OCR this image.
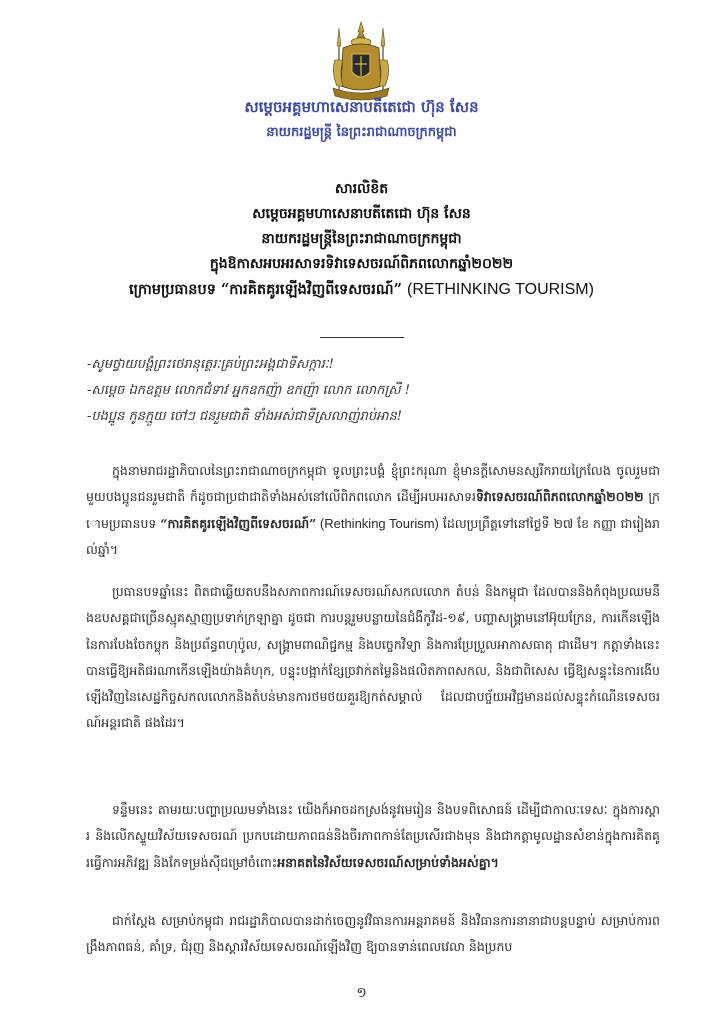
សម្ដេចអគ្គមហាសេនាបតីតេជោ ហ៊ុន សែន
នាយករដ្ឋមន្ត្រី នៃព្រះរាជាណាចក្រកម្ពុជា
សារលិខិត
សម្ដេចអគ្គមហាសេនាបតីតេជោ ហ៊ុន សែន
នាយករដ្ឋមន្ត្រីនៃព្រះរាជាណាចក្រកម្ពុជា
ក្នុងឱកាសអបអរសាទរទិវាទេសចរណ៍ពិភពលោកឆ្នាំ២០២២
ក្រោមប្រធានបទ “ការគិតគូរឡើងវិញពីទេសចរណ៍” (RETHINKING TOURISM)
-សូមថ្វាយបង្គំព្រះថេរានុត្ថេរៈគ្រប់ព្រះអង្គជាទីសក្ការៈ!
-សម្ដេច ឯកឧត្ដម លោកជំទាវ អ្នកឧកញ៉ា ឧកញ៉ា លោក លោកស្រី !
-បងប្អូន កូនក្មួយ ចៅៗ ជនរួមជាតិ ទាំងអស់ជាទីស្រលាញ់រាប់អាន!

ក្នុងនាមរាជរដ្ឋាភិបាលនៃព្រះរាជាណាចក្រកម្ពុជា ទូលព្រះបង្គំ ខ្ញុំព្រះករុណា ខ្ញុំមានក្ដីសោមនស្សរីករាយក្រៃលែង ចូលរួមជាមួយបងប្អូនជនរួមជាតិ ក៏ដូចជាប្រជាជាតិទាំងអស់នៅលើពិភពលោក ដើម្បីអបអរសាទរទិវាទេសចរណ៍ពិភពលោកឆ្នាំ២០២២ ក្រោមប្រធានបទ “ការគិតគូរឡើងវិញពីទេសចរណ៍” (Rethinking Tourism) ដែលប្រព្រឹត្តទៅនៅថ្ងៃទី ២៧ ខែ កញ្ញា ជារៀងរាល់ឆ្នាំ។

ប្រធានបទឆ្នាំនេះ ពិតជាឆ្លើយតបនឹងសភាពការណ៍ទេសចរណ៍សកលលោក តំបន់ និងកម្ពុជា ដែលបាននិងកំពុងប្រឈមនឹងឧបសគ្គជាច្រើនស្មុគស្មាញប្រទាក់ក្រឡាគ្នា ដូចជា ការបន្តរួមបន្លាយនៃជំងឺកូវីដ-១៩, បញ្ហាសង្គ្រាមនៅអ៊ុយក្រែន, ការកើនឡើងនៃការបែងចែកប្លុក និងប្រព័ន្ធពហុប៉ូល, សង្គ្រាមពាណិជ្ជកម្ម និងបច្ចេកវិទ្យា និងការប្រែប្រួលអាកាសធាតុ ជាដើម។ កត្តាទាំងនេះ បានធ្វើឱ្យអតិផរណាកើនឡើងយ៉ាងគំហុក, បន្ទុះបង្អាក់ខ្សែច្រវាក់តម្លៃនិងផលិតភាពសកល, និងជាពិសេស ធ្វើឱ្យសន្ទុះនៃការងើបឡើងវិញនៃសេដ្ឋកិច្ចសកលលោកនិងតំបន់មានការថមថយគួរឱ្យកត់សម្គាល់ ដែលជាបច្ច័យអវិជ្ជមានដល់សន្ទុះកំណើនទេសចរណ៍អន្តរជាតិ ផងដែរ។

ទន្ទឹមនេះ តាមរយៈបញ្ហាប្រឈមទាំងនេះ យើងក៏អាចដកស្រង់នូវមេរៀន និងបទពិសោធន៍ ដើម្បីជាកាលៈទេសៈ ក្នុងការស្តារ និងលើកស្ទួយវិស័យទេសចរណ៍ ប្រកបដោយភាពធន់និងចីរភាពកាន់តែប្រសើរជាងមុន និងជាកត្តាមូលដ្ឋានសំខាន់ក្នុងការគិតគូរធ្វើការអភិវឌ្ឍ និងកែទម្រង់ស៊ីជម្រៅចំពោះអនាគតនៃវិស័យទេសចរណ៍សម្រាប់ទាំងអស់គ្នា។

ជាក់ស្ដែង សម្រាប់កម្ពុជា រាជរដ្ឋាភិបាលបានដាក់ចេញនូវវិធានការអន្តរាគមន៍ និងវិធានការនានាជាបន្តបន្ទាប់ សម្រាប់ការពង្រឹងភាពធន់, គាំទ្រ, ជំរុញ និងស្ដារវិស័យទេសចរណ៍ឡើងវិញ ឱ្យបានទាន់ពេលវេលា និងប្រកប

១
